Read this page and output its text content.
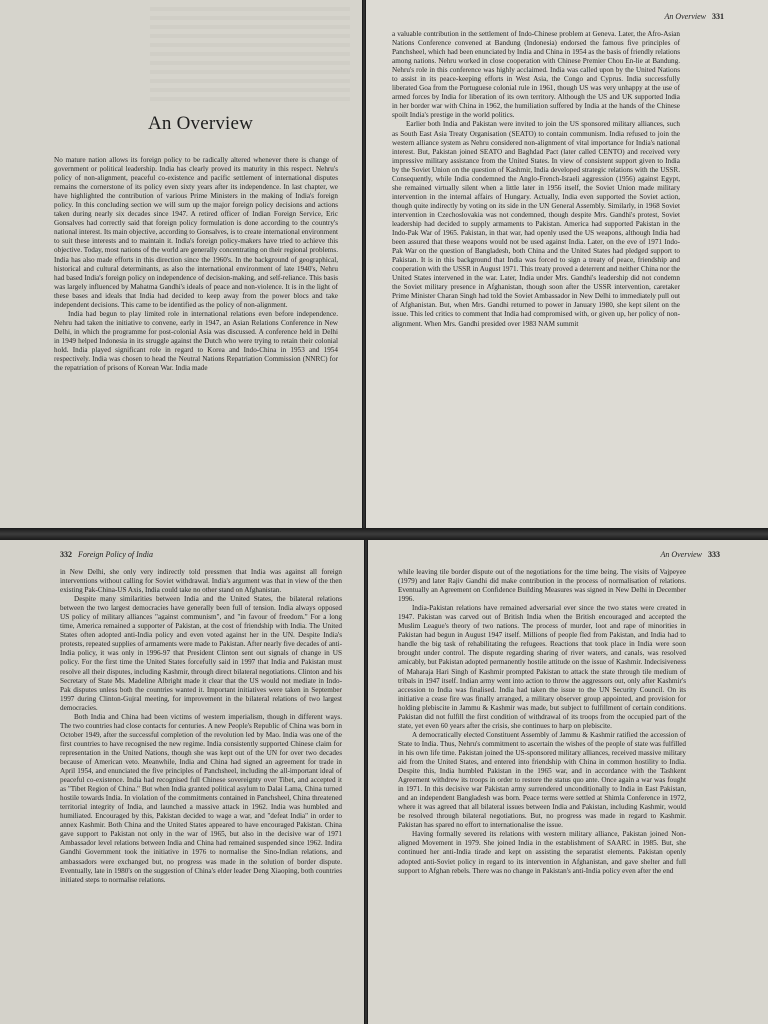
An Overview

No mature nation allows its foreign policy to be radically altered whenever there is change of government or political leadership. India has clearly proved its maturity in this respect. Nehru's policy of non-alignment, peaceful co-existence and pacific settlement of international disputes remains the cornerstone of its policy even sixty years after its independence. In last chapter, we have highlighted the contribution of various Prime Ministers in the making of India's foreign policy. In this concluding section we will sum up the major foreign policy decisions and actions taken during nearly six decades since 1947. A retired officer of Indian Foreign Service, Eric Gonsalves had correctly said that foreign policy formulation is done according to the country's national interest. Its main objective, according to Gonsalves, is to create international environment to suit these interests and to maintain it. India's foreign policy-makers have tried to achieve this objective. Today, most nations of the world are generally concentrating on their regional problems. India has also made efforts in this direction since the 1960's. In the background of geographical, historical and cultural determinants, as also the international environment of late 1940's, Nehru had based India's foreign policy on independence of decision-making, and self-reliance. This basis was largely influenced by Mahatma Gandhi's ideals of peace and non-violence. It is in the light of these bases and ideals that India had decided to keep away from the power blocs and take independent decisions. This came to be identified as the policy of non-alignment.

India had begun to play limited role in international relations even before independence. Nehru had taken the initiative to convene, early in 1947, an Asian Relations Conference in New Delhi, in which the programme for post-colonial Asia was discussed. A conference held in Delhi in 1949 helped Indonesia in its struggle against the Dutch who were trying to retain their colonial hold. India played significant role in regard to Korea and Indo-China in 1953 and 1954 respectively. India was chosen to head the Neutral Nations Repatriation Commission (NNRC) for the repatriation of prisons of Korean War. India made

An Overview 331

a valuable contribution in the settlement of Indo-Chinese problem at Geneva. Later, the Afro-Asian Nations Conference convened at Bandung (Indonesia) endorsed the famous five principles of Panchsheel, which had been enunciated by India and China in 1954 as the basis of friendly relations among nations. Nehru worked in close cooperation with Chinese Premier Chou En-lie at Bandung. Nehru's role in this conference was highly acclaimed. India was called upon by the United Nations to assist in its peace-keeping efforts in West Asia, the Congo and Cyprus. India successfully liberated Goa from the Portuguese colonial rule in 1961, though US was very unhappy at the use of armed forces by India for liberation of its own territory. Although the US and UK supported India in her border war with China in 1962, the humiliation suffered by India at the hands of the Chinese spoilt India's prestige in the world politics.

Earlier both India and Pakistan were invited to join the US sponsored military alliances, such as South East Asia Treaty Organisation (SEATO) to contain communism. India refused to join the western alliance system as Nehru considered non-alignment of vital importance for India's national interest. But, Pakistan joined SEATO and Baghdad Pact (later called CENTO) and received very impressive military assistance from the United States. In view of consistent support given to India by the Soviet Union on the question of Kashmir, India developed strategic relations with the USSR. Consequently, while India condemned the Anglo-French-Israeli aggression (1956) against Egypt, she remained virtually silent when a little later in 1956 itself, the Soviet Union made military intervention in the internal affairs of Hungary. Actually, India even supported the Soviet action, though quite indirectly by voting on its side in the UN General Assembly. Similarly, in 1968 Soviet intervention in Czechoslovakia was not condemned, though despite Mrs. Gandhi's protest, Soviet leadership had decided to supply armaments to Pakistan. America had supported Pakistan in the Indo-Pak War of 1965. Pakistan, in that war, had openly used the US weapons, although India had been assured that these weapons would not be used against India. Later, on the eve of 1971 Indo-Pak War on the question of Bangladesh, both China and the United States had pledged support to Pakistan. It is in this background that India was forced to sign a treaty of peace, friendship and cooperation with the USSR in August 1971. This treaty proved a deterrent and neither China nor the United States intervened in the war. Later, India under Mrs. Gandhi's leadership did not condemn the Soviet military presence in Afghanistan, though soon after the USSR intervention, caretaker Prime Minister Charan Singh had told the Soviet Ambassador in New Delhi to immediately pull out of Afghanistan. But, when Mrs. Gandhi returned to power in January 1980, she kept silent on the issue. This led critics to comment that India had compromised with, or given up, her policy of non-alignment. When Mrs. Gandhi presided over 1983 NAM summit

332 Foreign Policy of India

in New Delhi, she only very indirectly told pressmen that India was against all foreign interventions without calling for Soviet withdrawal. India's argument was that in view of the then existing Pak-China-US Axis, India could take no other stand on Afghanistan.

Despite many similarities between India and the United States, the bilateral relations between the two largest democracies have generally been full of tension. India always opposed US policy of military alliances "against communism", and "in favour of freedom." For a long time, America remained a supporter of Pakistan, at the cost of friendship with India. The United States often adopted anti-India policy and even voted against her in the UN. Despite India's protests, repeated supplies of armaments were made to Pakistan. After nearly five decades of anti-India policy, it was only in 1996-97 that President Clinton sent out signals of change in US policy. For the first time the United States forcefully said in 1997 that India and Pakistan must resolve all their disputes, including Kashmir, through direct bilateral negotiations. Clinton and his Secretary of State Ms. Madeline Albright made it clear that the US would not mediate in Indo-Pak disputes unless both the countries wanted it. Important initiatives were taken in September 1997 during Clinton-Gujral meeting, for improvement in the bilateral relations of two largest democracies.

Both India and China had been victims of western imperialism, though in different ways. The two countries had close contacts for centuries. A new People's Republic of China was born in October 1949, after the successful completion of the revolution led by Mao. India was one of the first countries to have recognised the new regime. India consistently supported Chinese claim for representation in the United Nations, though she was kept out of the UN for over two decades because of American veto. Meanwhile, India and China had signed an agreement for trade in April 1954, and enunciated the five principles of Panchsheel, including the all-important ideal of peaceful co-existence. India had recognised full Chinese sovereignty over Tibet, and accepted it as "Tibet Region of China." But when India granted political asylum to Dalai Lama, China turned hostile towards India. In violation of the commitments contained in Panchsheel, China threatened territorial integrity of India, and launched a massive attack in 1962. India was humbled and humiliated. Encouraged by this, Pakistan decided to wage a war, and "defeat India" in order to annex Kashmir. Both China and the United States appeared to have encouraged Pakistan. China gave support to Pakistan not only in the war of 1965, but also in the decisive war of 1971 Ambassador level relations between India and China had remained suspended since 1962. Indira Gandhi Government took the initiative in 1976 to normalise the Sino-Indian relations, and ambassadors were exchanged but, no progress was made in the solution of border dispute. Eventually, late in 1980's on the suggestion of China's elder leader Deng Xiaoping, both countries initiated steps to normalise relations.

An Overview 333

while leaving tile border dispute out of the negotiations for the time being. The visits of Vajpeyee (1979) and later Rajiv Gandhi did make contribution in the process of normalisation of relations. Eventually an Agreement on Confidence Building Measures was signed in New Delhi in December 1996.

India-Pakistan relations have remained adversarial ever since the two states were created in 1947. Pakistan was carved out of British India when the British encouraged and accepted the Muslim League's theory of two nations. The process of murder, loot and rape of minorities in Pakistan had begun in August 1947 itself. Millions of people fled from Pakistan, and India had to handle the big task of rehabilitating the refugees. Reactions that took place in India were soon brought under control. The dispute regarding sharing of river waters, and canals, was resolved amicably, but Pakistan adopted permanently hostile attitude on the issue of Kashmir. Indecisiveness of Maharaja Hari Singh of Kashmir prompted Pakistan to attack the state through tile medium of tribals in 1947 itself. Indian army went into action to throw the aggressors out, only after Kashmir's accession to India was finalised. India had taken the issue to the UN Security Council. On its initiative a cease fire was finally arranged, a military observer group appointed, and provision for holding plebiscite in Jammu & Kashmir was made, but subject to fulfillment of certain conditions. Pakistan did not fulfill the first condition of withdrawal of its troops from the occupied part of the state, yet even 60 years after the crisis, she continues to harp on plebiscite.

A democratically elected Constituent Assembly of Jammu & Kashmir ratified the accession of State to India. Thus, Nehru's commitment to ascertain the wishes of the people of state was fulfilled in his own life time. Pakistan joined the US-sponsored military alliances, received massive military aid from the United States, and entered into friendship with China in common hostility to India. Despite this, India humbled Pakistan in the 1965 war, and in accordance with the Tashkent Agreement withdrew its troops in order to restore the status quo ante. Once again a war was fought in 1971. In this decisive war Pakistan army surrendered unconditionally to India in East Pakistan, and an independent Bangladesh was born. Peace terms were settled at Shimla Conference in 1972, where it was agreed that all bilateral issues between India and Pakistan, including Kashmir, would be resolved through bilateral negotiations. But, no progress was made in regard to Kashmir. Pakistan has spared no effort to internationalise the issue.

Having formally severed its relations with western military alliance, Pakistan joined Non-aligned Movement in 1979. She joined India in the establishment of SAARC in 1985. But, she continued her anti-India tirade and kept on assisting the separatist elements. Pakistan openly adopted anti-Soviet policy in regard to its intervention in Afghanistan, and gave shelter and full support to Afghan rebels. There was no change in Pakistan's anti-India policy even after the end
